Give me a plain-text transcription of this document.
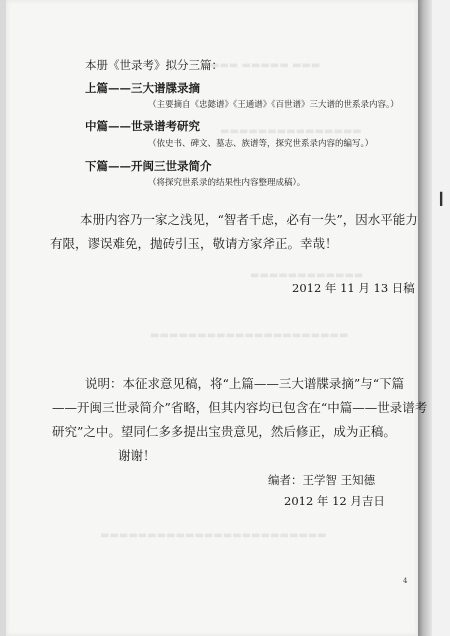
▎
▬▬▬ ▬▬▬▬▬ ▬▬▬
▬▬▬▬▬▬▬▬▬▬▬▬▬▬▬
▬▬▬▬▬▬▬▬▬▬▬▬
▬▬▬▬▬▬▬▬▬▬▬▬▬▬▬▬▬▬▬▬▬
▬▬▬▬▬▬▬▬▬▬▬▬▬▬▬▬▬▬▬▬▬▬▬▬
本册《世录考》拟分三篇：
上篇——三大谱牒录摘
（主要摘自《忠懿谱》《王通谱》《百世谱》三大谱的世系录内容。）
中篇——世录谱考研究
（依史书、碑文、墓志、族谱等，探究世系录内容的编写。）
下篇——开闽三世录简介
（将探究世系录的结果性内容整理成稿）。
本册内容乃一家之浅见，“智者千虑，必有一失”，因水平能力
有限，谬误难免，抛砖引玉，敬请方家斧正。幸哉！
2012 年 11 月 13 日稿
说明：本征求意见稿，将“上篇——三大谱牒录摘”与“下篇
——开闽三世录简介”省略，但其内容均已包含在“中篇——世录谱考
研究”之中。望同仁多多提出宝贵意见，然后修正，成为正稿。
谢谢！
编者：王学智 王知德
2012 年 12 月吉日
4
